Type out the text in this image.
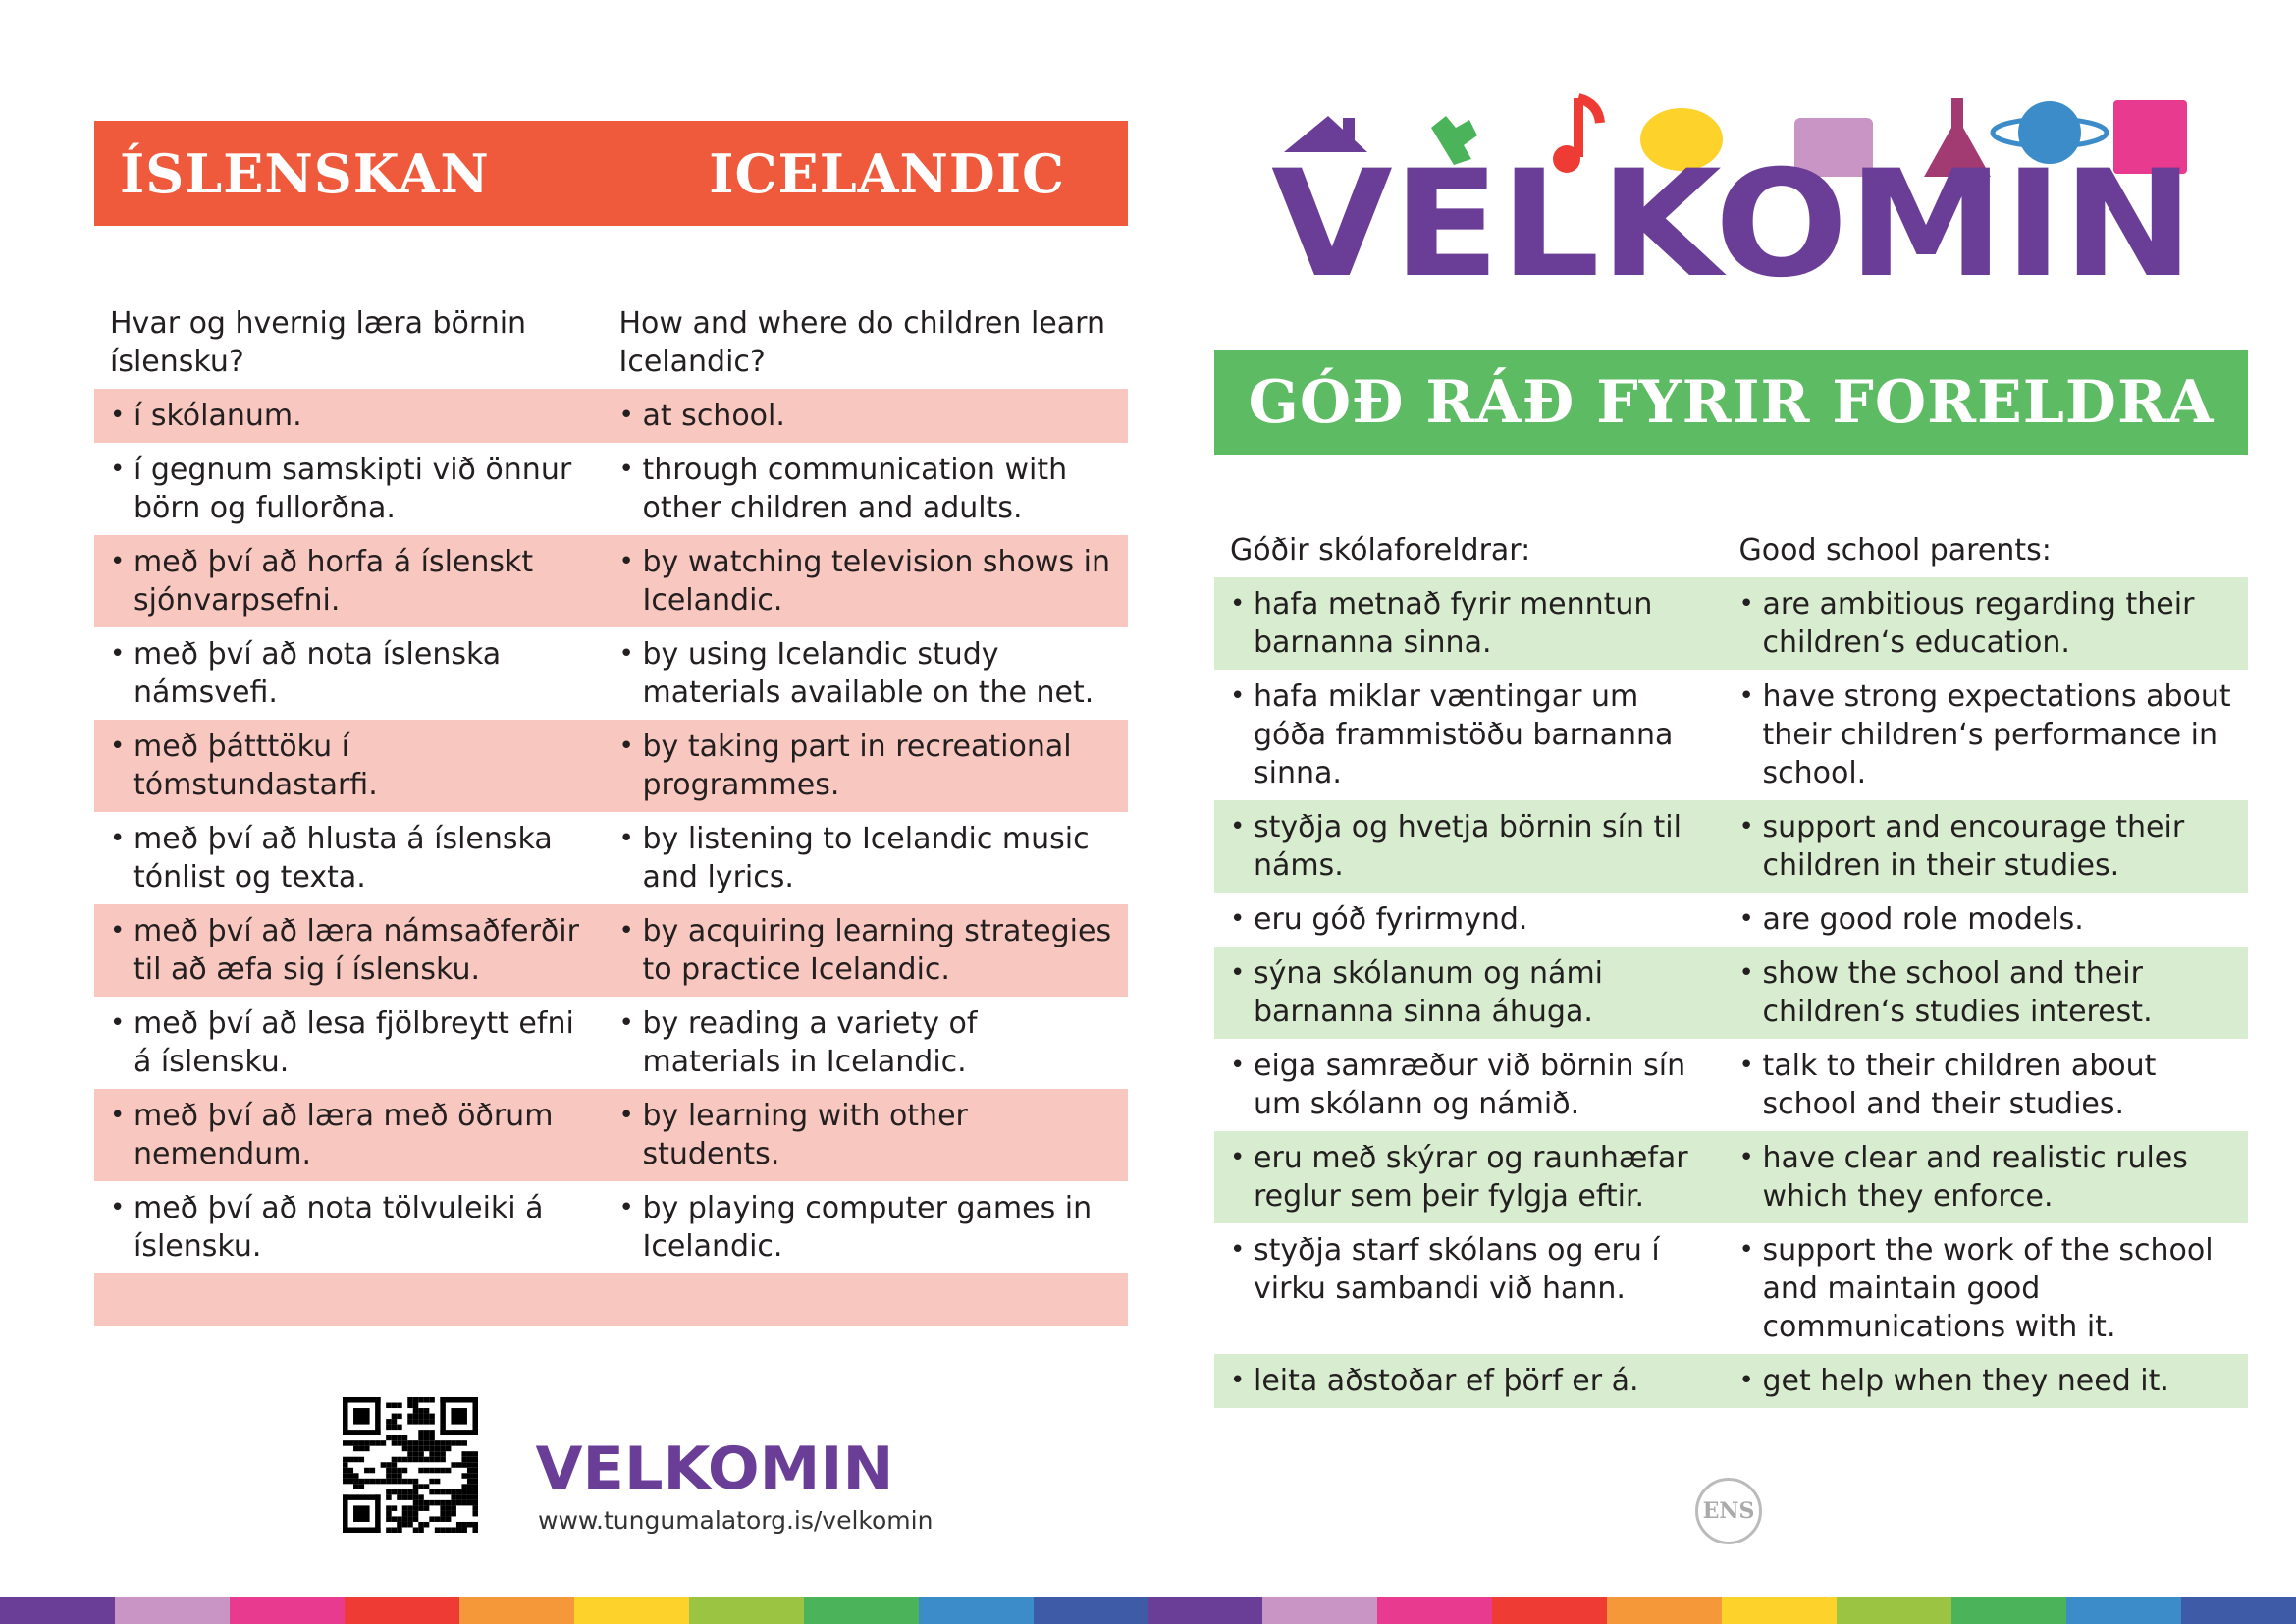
ÍSLENSKAN	ICELANDIC
Hvar og hvernig læra börnin íslensku?	How and where do children learn Icelandic?

• í skólanum.	• at school.

• í gegnum samskipti við önnur börn og fullorðna.	• through communication with other children and adults.

• með því að horfa á íslenskt sjónvarpsefni.	• by watching television shows in Icelandic.

• með því að nota íslenska námsvefi.	• by using Icelandic study materials available on the net.

• með þátttöku í tómstundastarfi.	• by taking part in recreational programmes.

• með því að hlusta á íslenska tónlist og texta.	• by listening to Icelandic music and lyrics.

• með því að læra námsaðferðir til að æfa sig í íslensku.	• by acquiring learning strategies to practice Icelandic.

• með því að lesa fjölbreytt efni á íslensku.	• by reading a variety of materials in Icelandic.

• með því að læra með öðrum nemendum.	• by learning with other students.

• með því að nota tölvuleiki á íslensku.	• by playing computer games in Icelandic.

GÓÐ RÁÐ FYRIR FORELDRA
Góðir skólaforeldrar:	Good school parents:

• hafa metnað fyrir menntun barnanna sinna.	• are ambitious regarding their children‘s education.

• hafa miklar væntingar um góða frammistöðu barnanna sinna.	• have strong expectations about their children‘s performance in school.

• styðja og hvetja börnin sín til náms.	• support and encourage their children in their studies.

• eru góð fyrirmynd.	• are good role models.

• sýna skólanum og námi barnanna sinna áhuga.	• show the school and their children‘s studies interest.

• eiga samræður við börnin sín um skólann og námið.	• talk to their children about school and their studies.

• eru með skýrar og raunhæfar reglur sem þeir fylgja eftir.	• have clear and realistic rules which they enforce.

• styðja starf skólans og eru í virku sambandi við hann.	• support the work of the school and maintain good communications with it.

• leita aðstoðar ef þörf er á.	• get help when they need it.
VELKOMIN
VELKOMIN
www.tungumalatorg.is/velkomin	ENS
